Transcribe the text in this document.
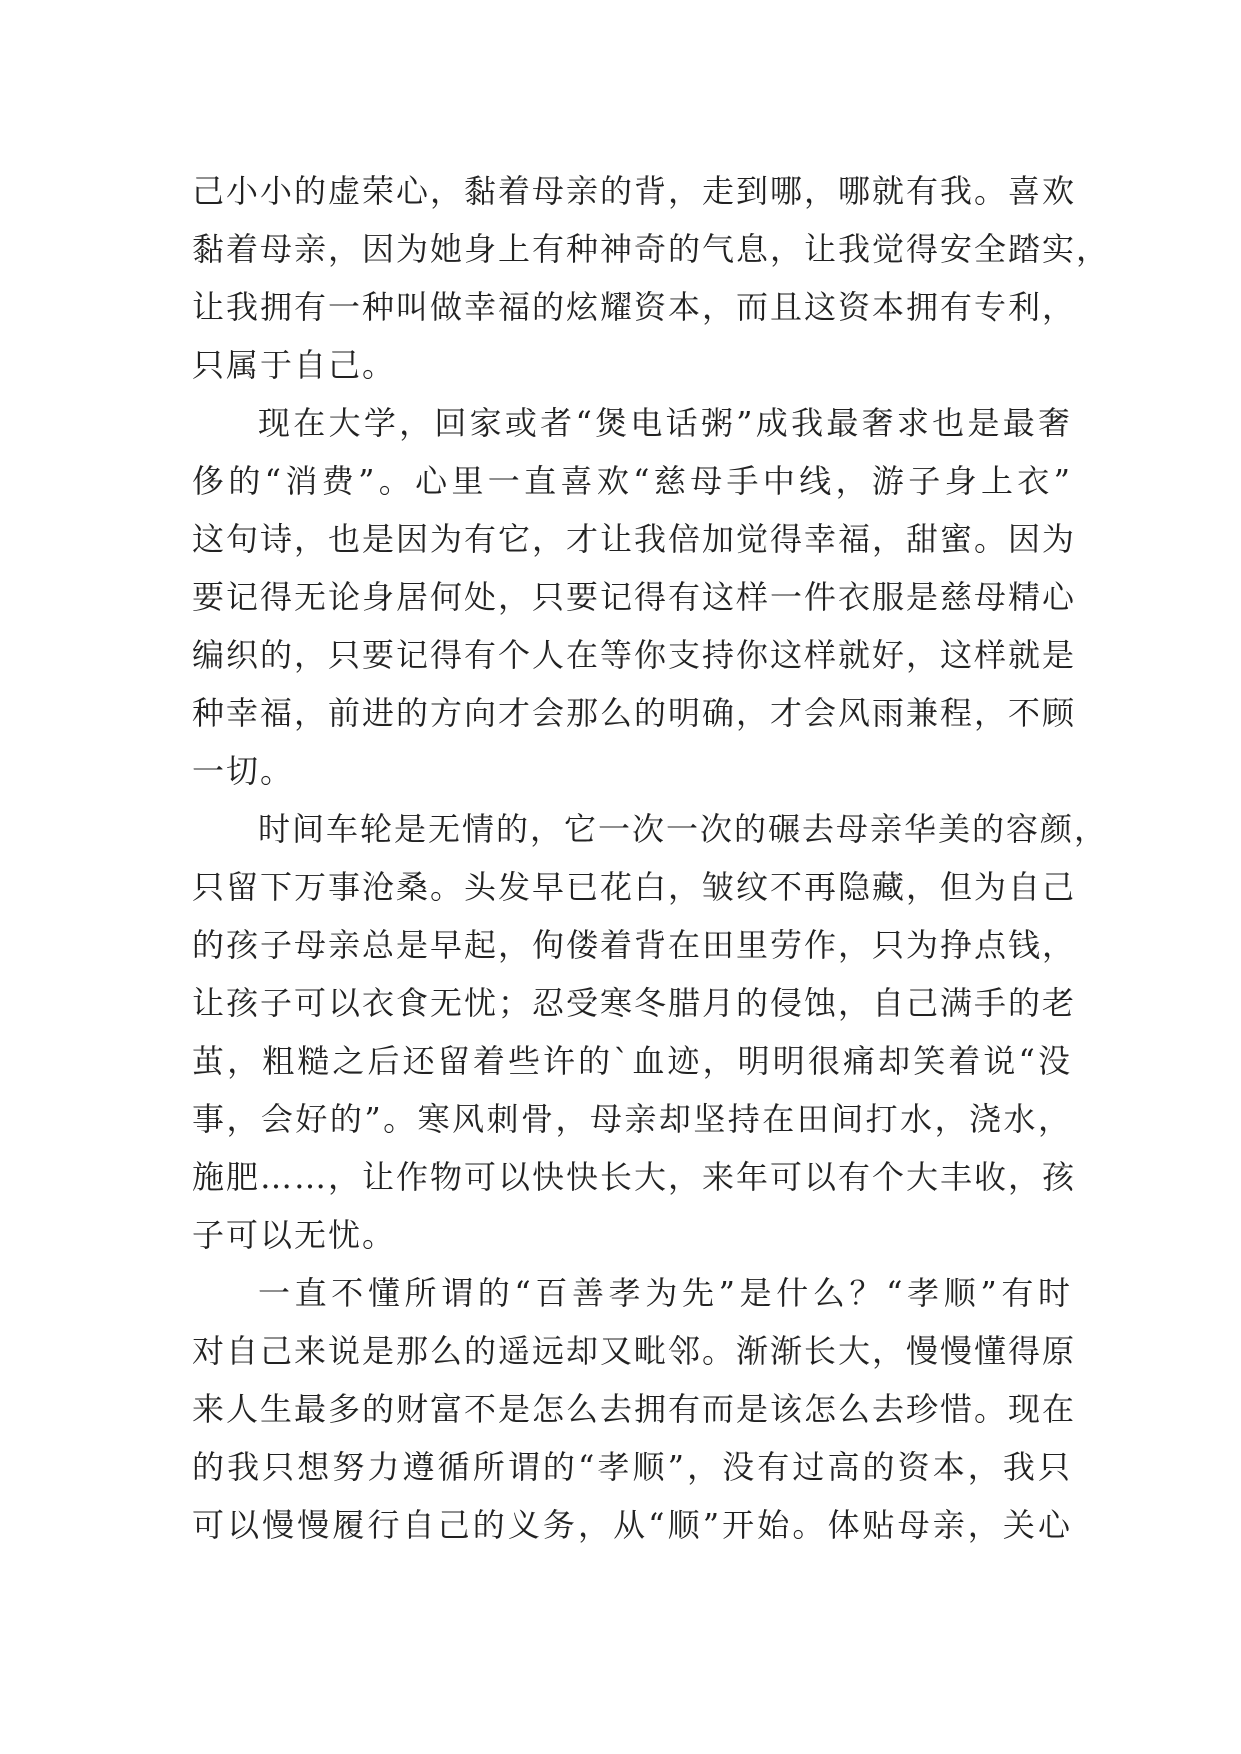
己小小的虚荣心，黏着母亲的背，走到哪，哪就有我。喜欢
黏着母亲，因为她身上有种神奇的气息，让我觉得安全踏实，
让我拥有一种叫做幸福的炫耀资本，而且这资本拥有专利，
只属于自己。
现在大学，回家或者“煲电话粥”成我最奢求也是最奢
侈的“消费”。心里一直喜欢“慈母手中线，游子身上衣”
这句诗，也是因为有它，才让我倍加觉得幸福，甜蜜。因为
要记得无论身居何处，只要记得有这样一件衣服是慈母精心
编织的，只要记得有个人在等你支持你这样就好，这样就是
种幸福，前进的方向才会那么的明确，才会风雨兼程，不顾
一切。
时间车轮是无情的，它一次一次的碾去母亲华美的容颜，
只留下万事沧桑。头发早已花白，皱纹不再隐藏，但为自己
的孩子母亲总是早起，佝偻着背在田里劳作，只为挣点钱，
让孩子可以衣食无忧；忍受寒冬腊月的侵蚀，自己满手的老
茧，粗糙之后还留着些许的`血迹，明明很痛却笑着说“没
事，会好的”。寒风刺骨，母亲却坚持在田间打水，浇水，
施肥……，让作物可以快快长大，来年可以有个大丰收，孩
子可以无忧。
一直不懂所谓的“百善孝为先”是什么？“孝顺”有时
对自己来说是那么的遥远却又毗邻。渐渐长大，慢慢懂得原
来人生最多的财富不是怎么去拥有而是该怎么去珍惜。现在
的我只想努力遵循所谓的“孝顺”，没有过高的资本，我只
可以慢慢履行自己的义务，从“顺”开始。体贴母亲，关心
